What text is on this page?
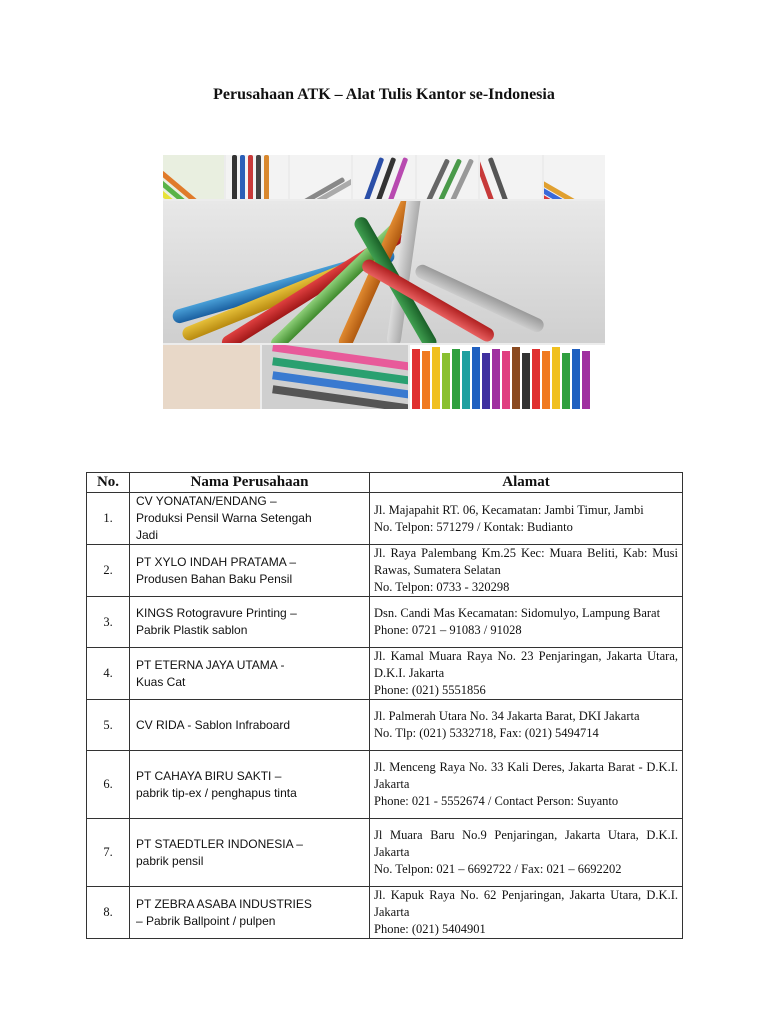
Perusahaan ATK – Alat Tulis Kantor se-Indonesia
No.	Nama Perusahaan	Alamat
1.	CV YONATAN/ENDANG –
Produksi Pensil Warna Setengah
Jadi	Jl. Majapahit RT. 06, Kecamatan: Jambi Timur, Jambi
No. Telpon: 571279 / Kontak: Budianto

2.	PT XYLO INDAH PRATAMA –
Produsen Bahan Baku Pensil	Jl. Raya Palembang Km.25 Kec: Muara Beliti, Kab: Musi Rawas, Sumatera Selatan
No. Telpon: 0733 - 320298

3.	KINGS Rotogravure Printing –
Pabrik Plastik sablon	Dsn. Candi Mas Kecamatan: Sidomulyo, Lampung Barat
Phone: 0721 – 91083 / 91028

4.	PT ETERNA JAYA UTAMA -
Kuas Cat	Jl. Kamal Muara Raya No. 23 Penjaringan, Jakarta Utara, D.K.I. Jakarta
Phone: (021) 5551856

5.	CV RIDA - Sablon Infraboard	Jl. Palmerah Utara No. 34 Jakarta Barat, DKI Jakarta
No. Tlp: (021) 5332718, Fax: (021) 5494714

6.	PT CAHAYA BIRU SAKTI –
pabrik tip-ex / penghapus tinta	Jl. Menceng Raya No. 33 Kali Deres, Jakarta Barat - D.K.I. Jakarta
Phone: 021 - 5552674 / Contact Person: Suyanto

7.	PT STAEDTLER INDONESIA –
pabrik pensil	Jl Muara Baru No.9 Penjaringan, Jakarta Utara, D.K.I. Jakarta
No. Telpon: 021 – 6692722 / Fax: 021 – 6692202

8.	PT ZEBRA ASABA INDUSTRIES
– Pabrik Ballpoint / pulpen	Jl. Kapuk Raya No. 62 Penjaringan, Jakarta Utara, D.K.I. Jakarta
Phone: (021) 5404901
